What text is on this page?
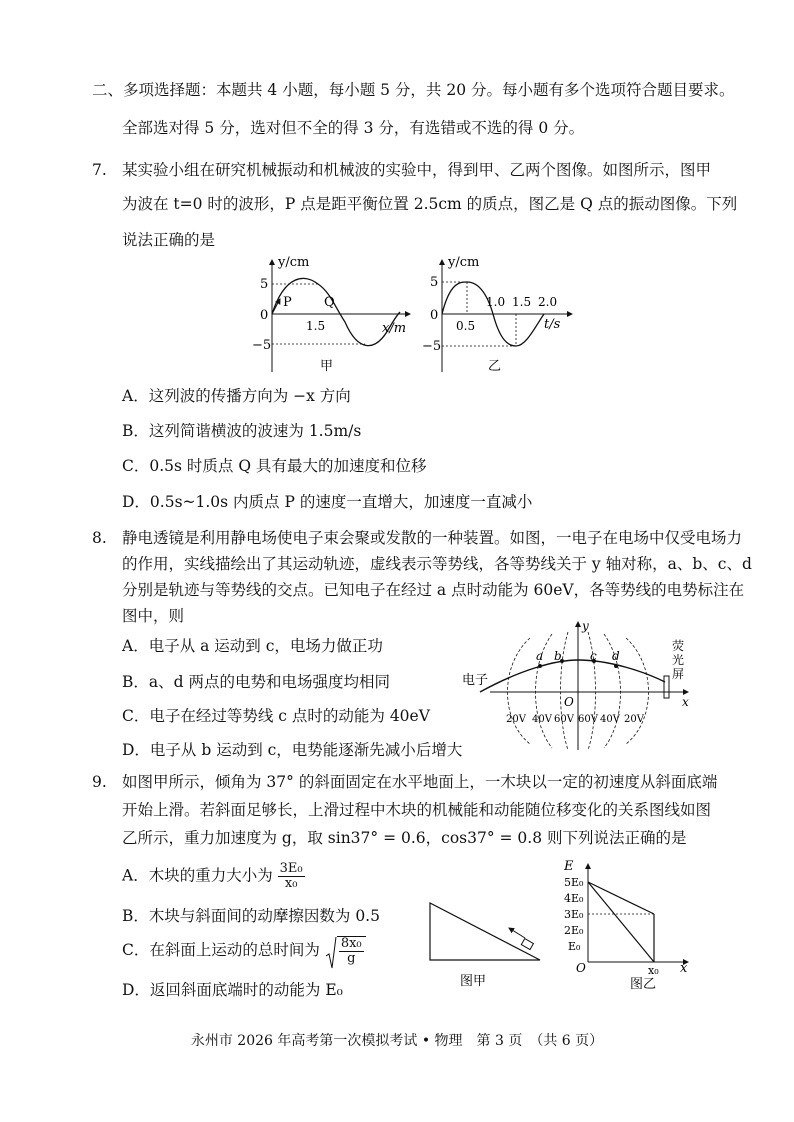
二、多项选择题：本题共 4 小题，每小题 5 分，共 20 分。每小题有多个选项符合题目要求。
全部选对得 5 分，选对但不全的得 3 分，有选错或不选的得 0 分。
7. 某实验小组在研究机械振动和机械波的实验中，得到甲、乙两个图像。如图所示，图甲
为波在 t=0 时的波形，P 点是距平衡位置 2.5cm 的质点，图乙是 Q 点的振动图像。下列
说法正确的是
y/cm
5
0
−5
P Q
1.5	x/m
甲
y/cm
5
0
−5
0.5
1.0 1.5 2.0
t/s
乙
A．这列波的传播方向为 −x 方向
B．这列简谐横波的波速为 1.5m/s
C．0.5s 时质点 Q 具有最大的加速度和位移
D．0.5s~1.0s 内质点 P 的速度一直增大，加速度一直减小
8. 静电透镜是利用静电场使电子束会聚或发散的一种装置。如图，一电子在电场中仅受电场力
的作用，实线描绘出了其运动轨迹，虚线表示等势线，各等势线关于 y 轴对称，a、b、c、d
分别是轨迹与等势线的交点。已知电子在经过 a 点时动能为 60eV，各等势线的电势标注在
图中，则
A．电子从 a 运动到 c，电场力做正功
B．a、d 两点的电势和电场强度均相同
C．电子在经过等势线 c 点时的动能为 40eV
D．电子从 b 运动到 c，电势能逐渐先减小后增大
电子
荧
光
屏
y
x
O
a b c d
20V 40V 60V 60V 40V 20V
9. 如图甲所示，倾角为 37° 的斜面固定在水平地面上，一木块以一定的初速度从斜面底端
开始上滑。若斜面足够长，上滑过程中木块的机械能和动能随位移变化的关系图线如图
乙所示，重力加速度为 g，取 sin37° = 0.6，cos37° = 0.8 则下列说法正确的是
A．木块的重力大小为 $\frac{\text{3E₀}}{\text{x₀}}$
B．木块与斜面间的动摩擦因数为 0.5
C．在斜面上运动的总时间为 $\frac{\text{8x₀}}{g}$
D．返回斜面底端时的动能为 E₀	图甲
E
x
O	x₀
5E₀
4E₀
3E₀
2E₀
E₀
图乙
永州市 2026 年高考第一次模拟考试 • 物理　第 3 页　（共 6 页）
